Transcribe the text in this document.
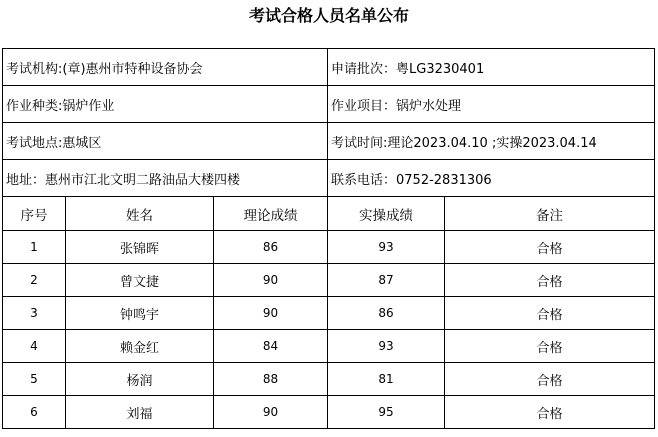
考试合格人员名单公布
考试机构:(章)惠州市特种设备协会			申请批次：粤LG3230401	
作业种类:锅炉作业			作业项目：锅炉水处理	
考试地点:惠城区			考试时间:理论2023.04.10 ;实操2023.04.14	
地址：惠州市江北文明二路油品大楼四楼			联系电话：0752-2831306	
序号	姓名	理论成绩	实操成绩	备注
1	张锦晖	86	93	合格
2	曾文捷	90	87	合格
3	钟鸣宇	90	86	合格
4	赖金红	84	93	合格
5	杨润	88	81	合格
6	刘福	90	95	合格
